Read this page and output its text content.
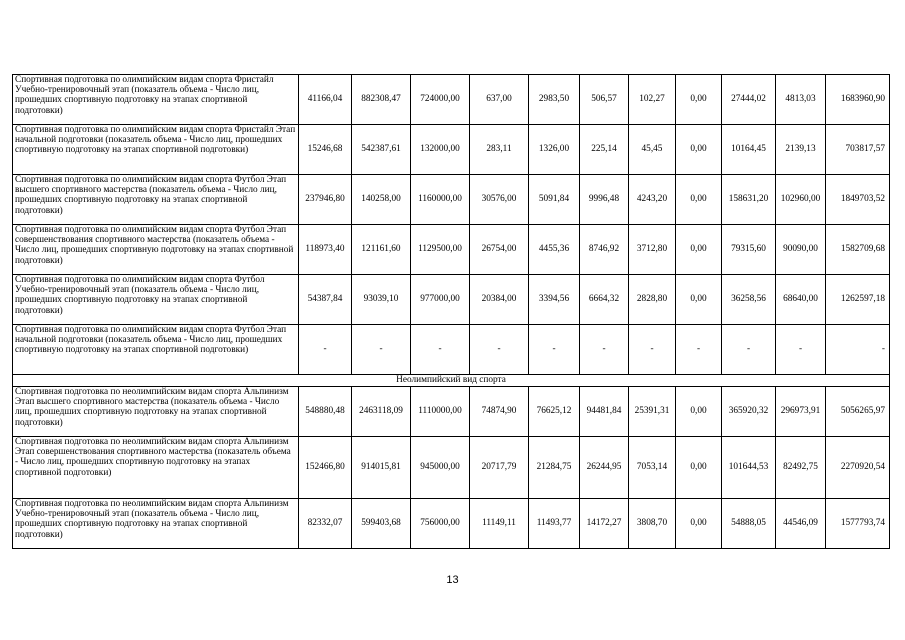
Спортивная подготовка по олимпийским видам спорта Фристайл Учебно-тренировочный этап (показатель объема - Число лиц, прошедших спортивную подготовку на этапах спортивной подготовки)	41166,04	882308,47	724000,00	637,00	2983,50	506,57	102,27	0,00	27444,02	4813,03	1683960,90
Спортивная подготовка по олимпийским видам спорта Фристайл Этап начальной подготовки (показатель объема - Число лиц, прошедших спортивную подготовку на этапах спортивной подготовки)	15246,68	542387,61	132000,00	283,11	1326,00	225,14	45,45	0,00	10164,45	2139,13	703817,57
Спортивная подготовка по олимпийским видам спорта Футбол Этап высшего спортивного мастерства (показатель объема - Число лиц, прошедших спортивную подготовку на этапах спортивной подготовки)	237946,80	140258,00	1160000,00	30576,00	5091,84	9996,48	4243,20	0,00	158631,20	102960,00	1849703,52
Спортивная подготовка по олимпийским видам спорта Футбол Этап совершенствования спортивного мастерства (показатель объема - Число лиц, прошедших спортивную подготовку на этапах спортивной подготовки)	118973,40	121161,60	1129500,00	26754,00	4455,36	8746,92	3712,80	0,00	79315,60	90090,00	1582709,68
Спортивная подготовка по олимпийским видам спорта Футбол Учебно-тренировочный этап (показатель объема - Число лиц, прошедших спортивную подготовку на этапах спортивной подготовки)	54387,84	93039,10	977000,00	20384,00	3394,56	6664,32	2828,80	0,00	36258,56	68640,00	1262597,18
Спортивная подготовка по олимпийским видам спорта Футбол Этап начальной подготовки (показатель объема - Число лиц, прошедших спортивную подготовку на этапах спортивной подготовки)	-	-	-	-	-	-	-	-	-	-	-
Неолимпийский вид спорта											
Спортивная подготовка по неолимпийским видам спорта Альпинизм Этап высшего спортивного мастерства (показатель объема - Число лиц, прошедших спортивную подготовку на этапах спортивной подготовки)	548880,48	2463118,09	1110000,00	74874,90	76625,12	94481,84	25391,31	0,00	365920,32	296973,91	5056265,97
Спортивная подготовка по неолимпийским видам спорта Альпинизм Этап совершенствования спортивного мастерства (показатель объема - Число лиц, прошедших спортивную подготовку на этапах спортивной подготовки)	152466,80	914015,81	945000,00	20717,79	21284,75	26244,95	7053,14	0,00	101644,53	82492,75	2270920,54
Спортивная подготовка по неолимпийским видам спорта Альпинизм Учебно-тренировочный этап (показатель объема - Число лиц, прошедших спортивную подготовку на этапах спортивной подготовки)	82332,07	599403,68	756000,00	11149,11	11493,77	14172,27	3808,70	0,00	54888,05	44546,09	1577793,74
13
